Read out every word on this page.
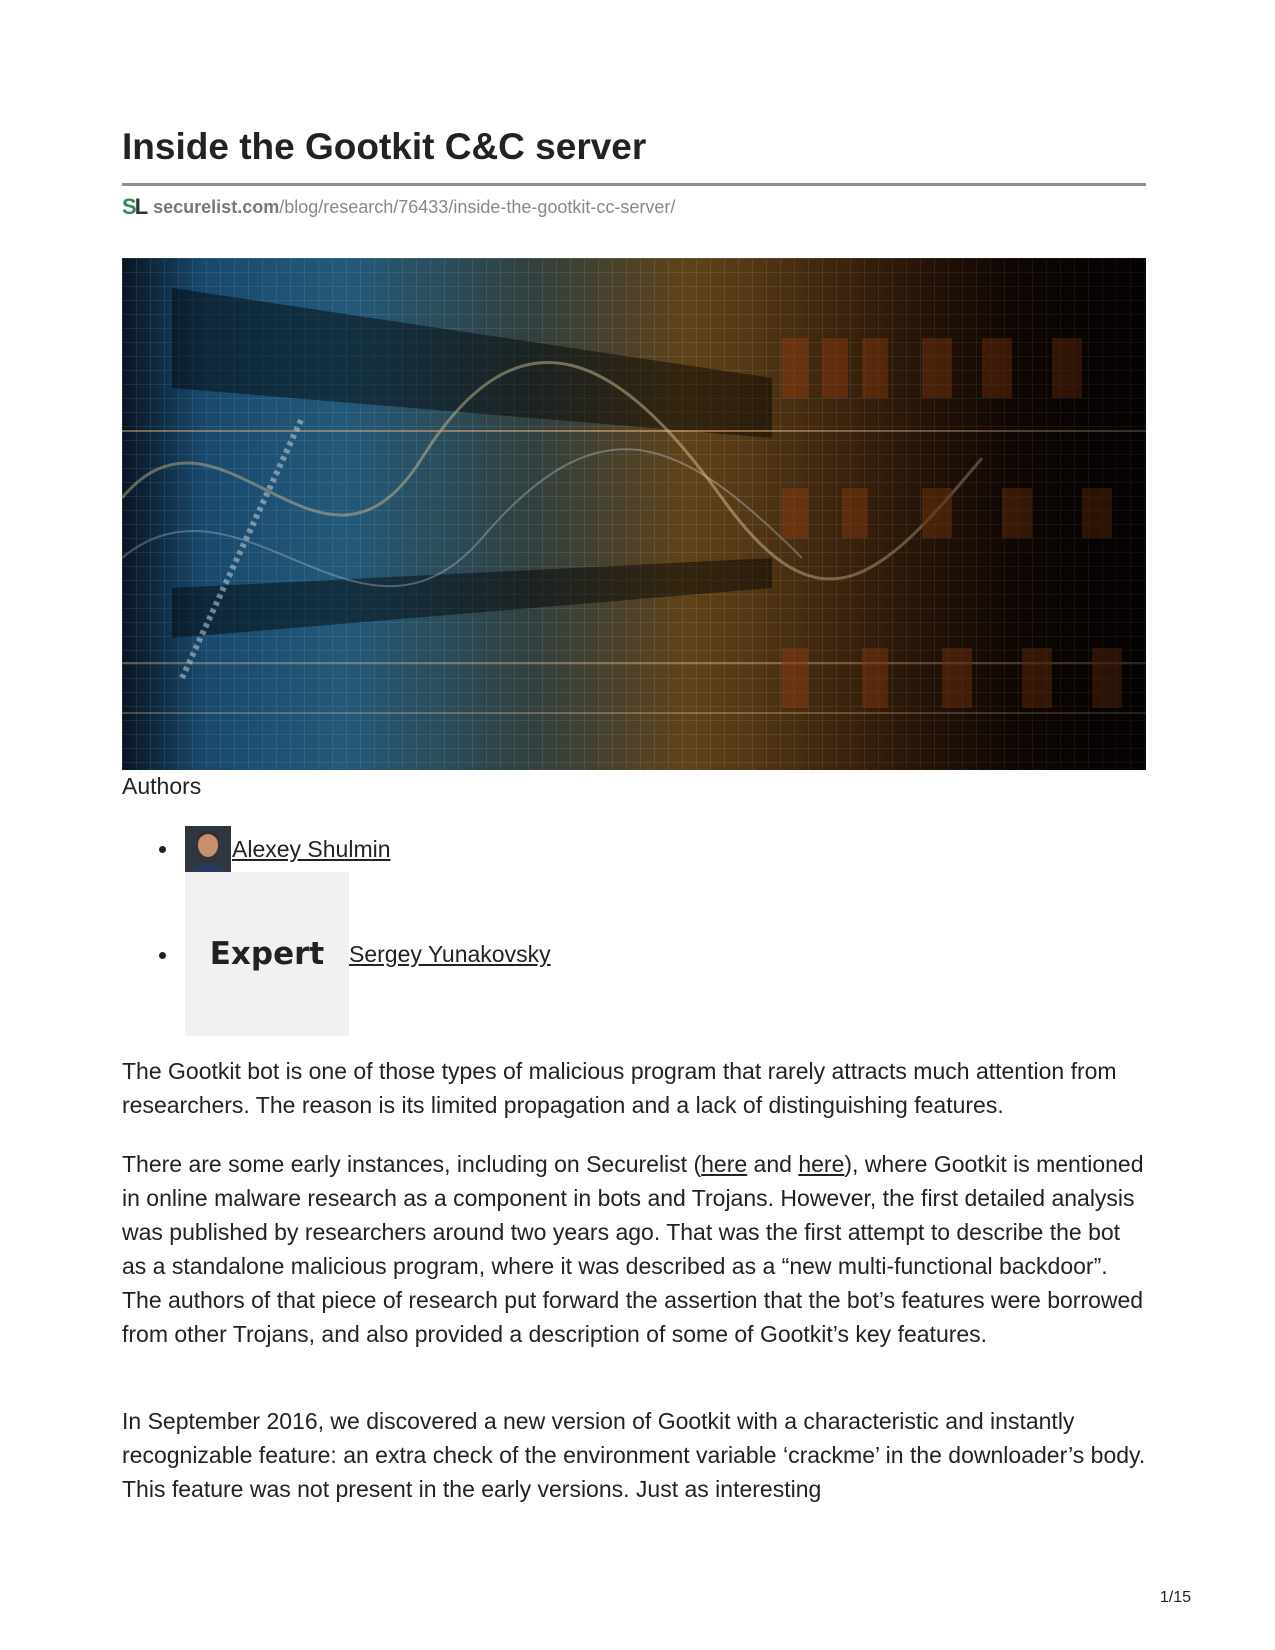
Inside the Gootkit C&C server
SL securelist.com /blog/research/76433/inside-the-gootkit-cc-server/
Authors
Alexey Shulmin
Expert Sergey Yunakovsky

The Gootkit bot is one of those types of malicious program that rarely attracts much attention from researchers. The reason is its limited propagation and a lack of distinguishing features.

There are some early instances, including on Securelist (here and here), where Gootkit is mentioned in online malware research as a component in bots and Trojans. However, the first detailed analysis was published by researchers around two years ago. That was the first attempt to describe the bot as a standalone malicious program, where it was described as a “new multi-functional backdoor”. The authors of that piece of research put forward the assertion that the bot’s features were borrowed from other Trojans, and also provided a description of some of Gootkit’s key features.

In September 2016, we discovered a new version of Gootkit with a characteristic and instantly recognizable feature: an extra check of the environment variable ‘crackme’ in the downloader’s body. This feature was not present in the early versions. Just as interesting

1/15
